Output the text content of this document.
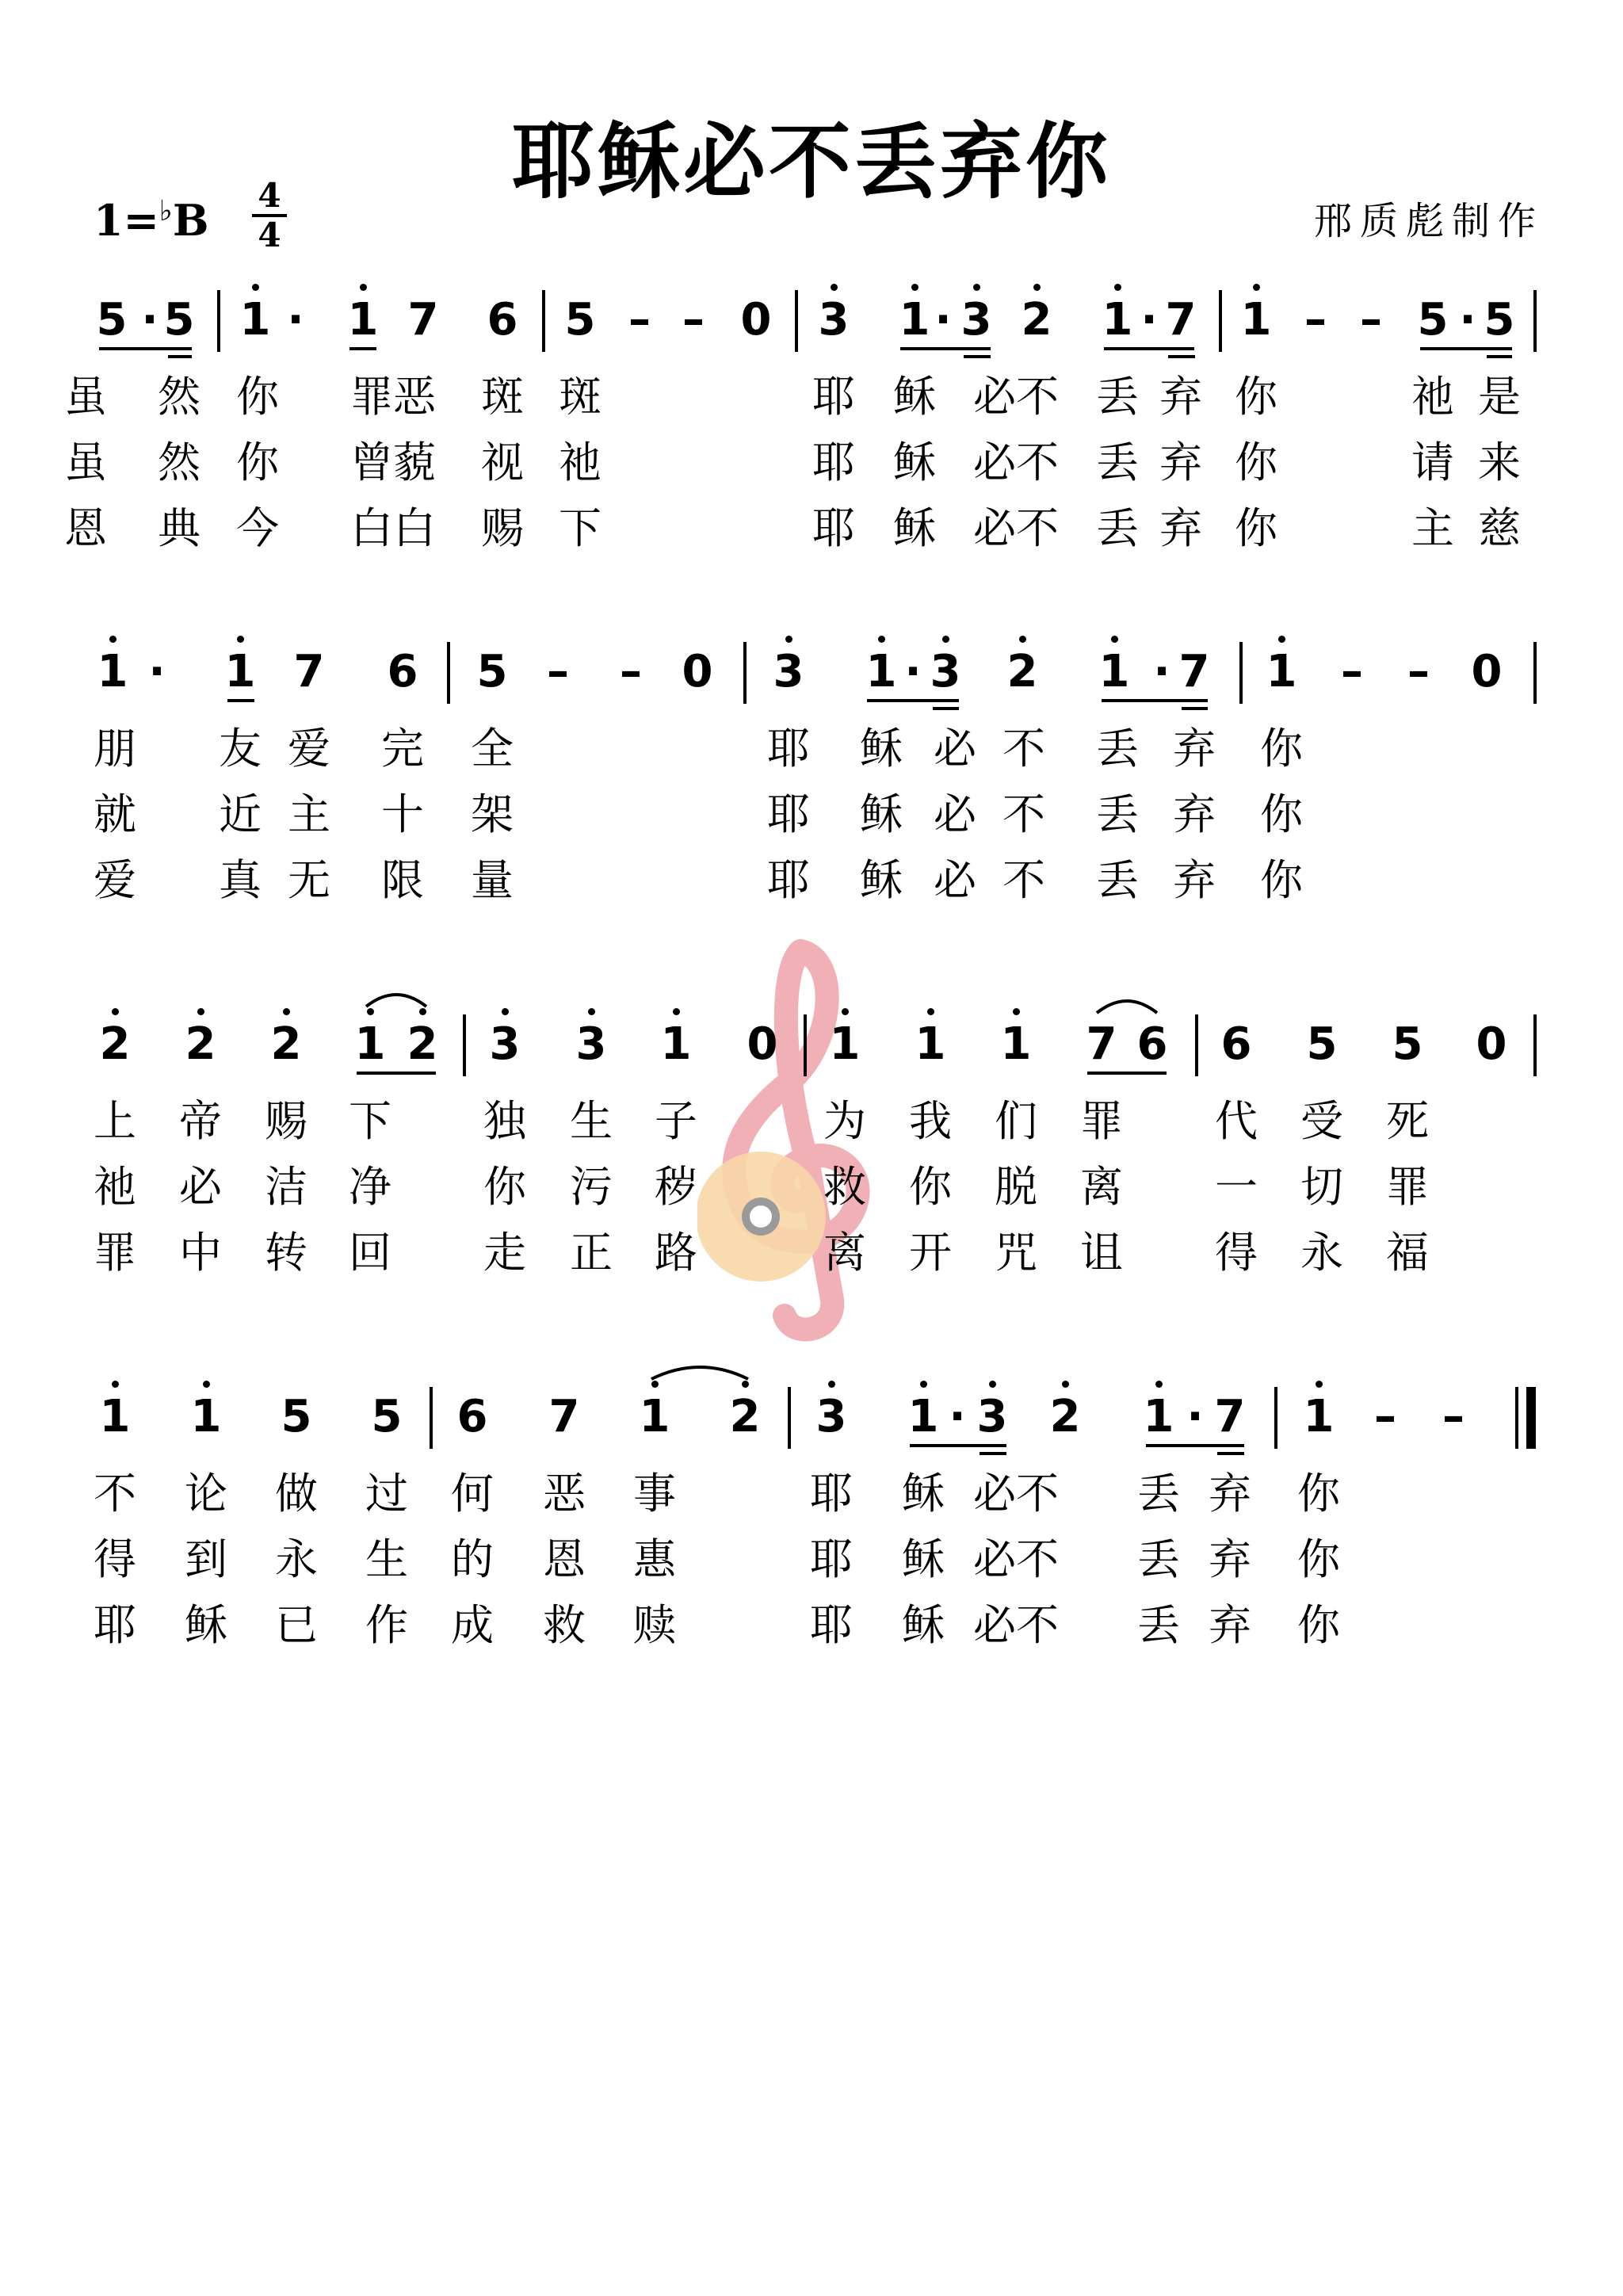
耶稣必不丢弃你
邢质彪制作
$1=^♭B \frac{4}{4}$
5 · 5 1 · 1 7 6 5 – – 0 3 1 · 3 2 1 · 7 1 – – 5 · 5
虽 然 你 罪恶 斑 斑	耶 稣 必不 丢 弃 你	祂 是
虽 然 你 曾藐 视 祂	耶 稣 必不 丢 弃 你	请 来
恩 典 今 白白 赐 下	耶 稣 必不 丢 弃 你	主 慈
1 · 1 7 6 5 – – 0 3 1 · 3 2 1 · 7 1 – – 0
朋 友 爱 完 全	耶 稣 必 不 丢 弃 你
就 近 主 十 架	耶 稣 必 不 丢 弃 你
爱 真 无 限 量	耶 稣 必 不 丢 弃 你
2 2 2 1 2 3 3 1 0 1 1 1 7 6 6 5 5 0
上 帝 赐 下 独 生 子	为 我 们 罪 代 受 死
祂 必 洁 净 你 污 秽	救 你 脱 离 一 切 罪
罪 中 转 回 走 正 路	离 开 咒 诅 得 永 福
1 1 5 5 6 7 1 2 3 1 · 3 2 1 · 7 1 – –
不 论 做 过 何 恶 事	耶 稣 必不 丢 弃 你
得 到 永 生 的 恩 惠	耶 稣 必不 丢 弃 你
耶 稣 已 作 成 救 赎	耶 稣 必不 丢 弃 你
